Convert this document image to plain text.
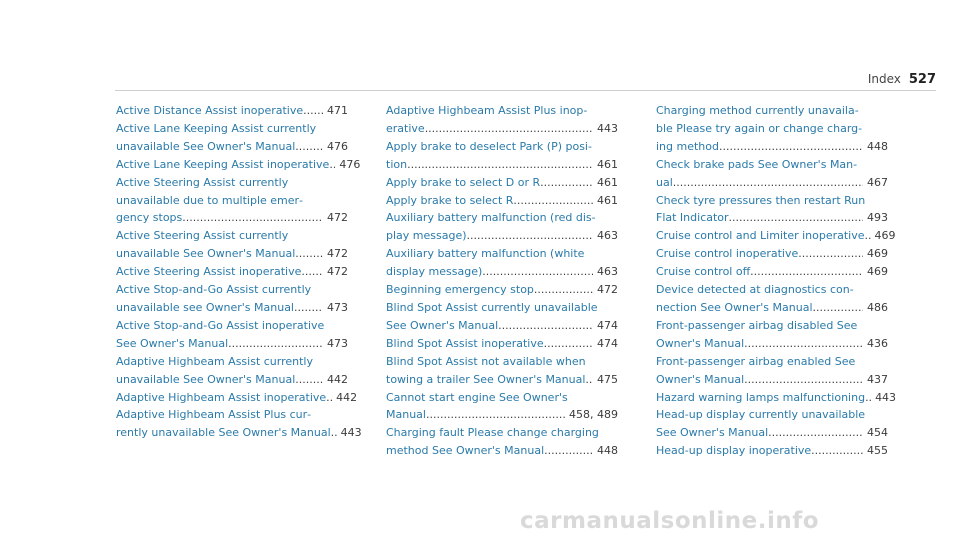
Index 527
Active Distance Assist inoperative .....	471
Active Lane Keeping Assist currently
unavailable See Owner's Manual .....	476
Active Lane Keeping Assist inoperative ..... 476
Active Steering Assist currently
unavailable due to multiple emer‐
gency stops .....	472
Active Steering Assist currently
unavailable See Owner's Manual .....	472
Active Steering Assist inoperative .....	472
Active Stop-and-Go Assist currently
unavailable see Owner's Manual .....	473
Active Stop-and-Go Assist inoperative
See Owner's Manual .....	473
Adaptive Highbeam Assist currently
unavailable See Owner's Manual .....	442
Adaptive Highbeam Assist inoperative ..... 442
Adaptive Highbeam Assist Plus cur‐
rently unavailable See Owner's Manual ..... 443
Adaptive Highbeam Assist Plus inop‐
erative .....	443
Apply brake to deselect Park (P) posi‐
tion .....	461
Apply brake to select D or R .....	461
Apply brake to select R .....	461
Auxiliary battery malfunction (red dis‐
play message) .....	463
Auxiliary battery malfunction (white
display message) .....	463
Beginning emergency stop .....	472
Blind Spot Assist currently unavailable
See Owner's Manual .....	474
Blind Spot Assist inoperative .....	474
Blind Spot Assist not available when
towing a trailer See Owner's Manual .....	475
Cannot start engine See Owner's
Manual .....	458, 489
Charging fault Please change charging
method See Owner's Manual .....	448
Charging method currently unavaila‐
ble Please try again or change charg‐
ing method .....	448
Check brake pads See Owner's Man‐
ual .....	467
Check tyre pressures then restart Run
Flat Indicator .....	493
Cruise control and Limiter inoperative ..... 469
Cruise control inoperative .....	469
Cruise control off .....	469
Device detected at diagnostics con‐
nection See Owner's Manual .....	486
Front-passenger airbag disabled See
Owner's Manual .....	436
Front-passenger airbag enabled See
Owner's Manual .....	437
Hazard warning lamps malfunctioning ..... 443
Head-up display currently unavailable
See Owner's Manual .....	454
Head-up display inoperative .....	455
carmanualsonline.info
